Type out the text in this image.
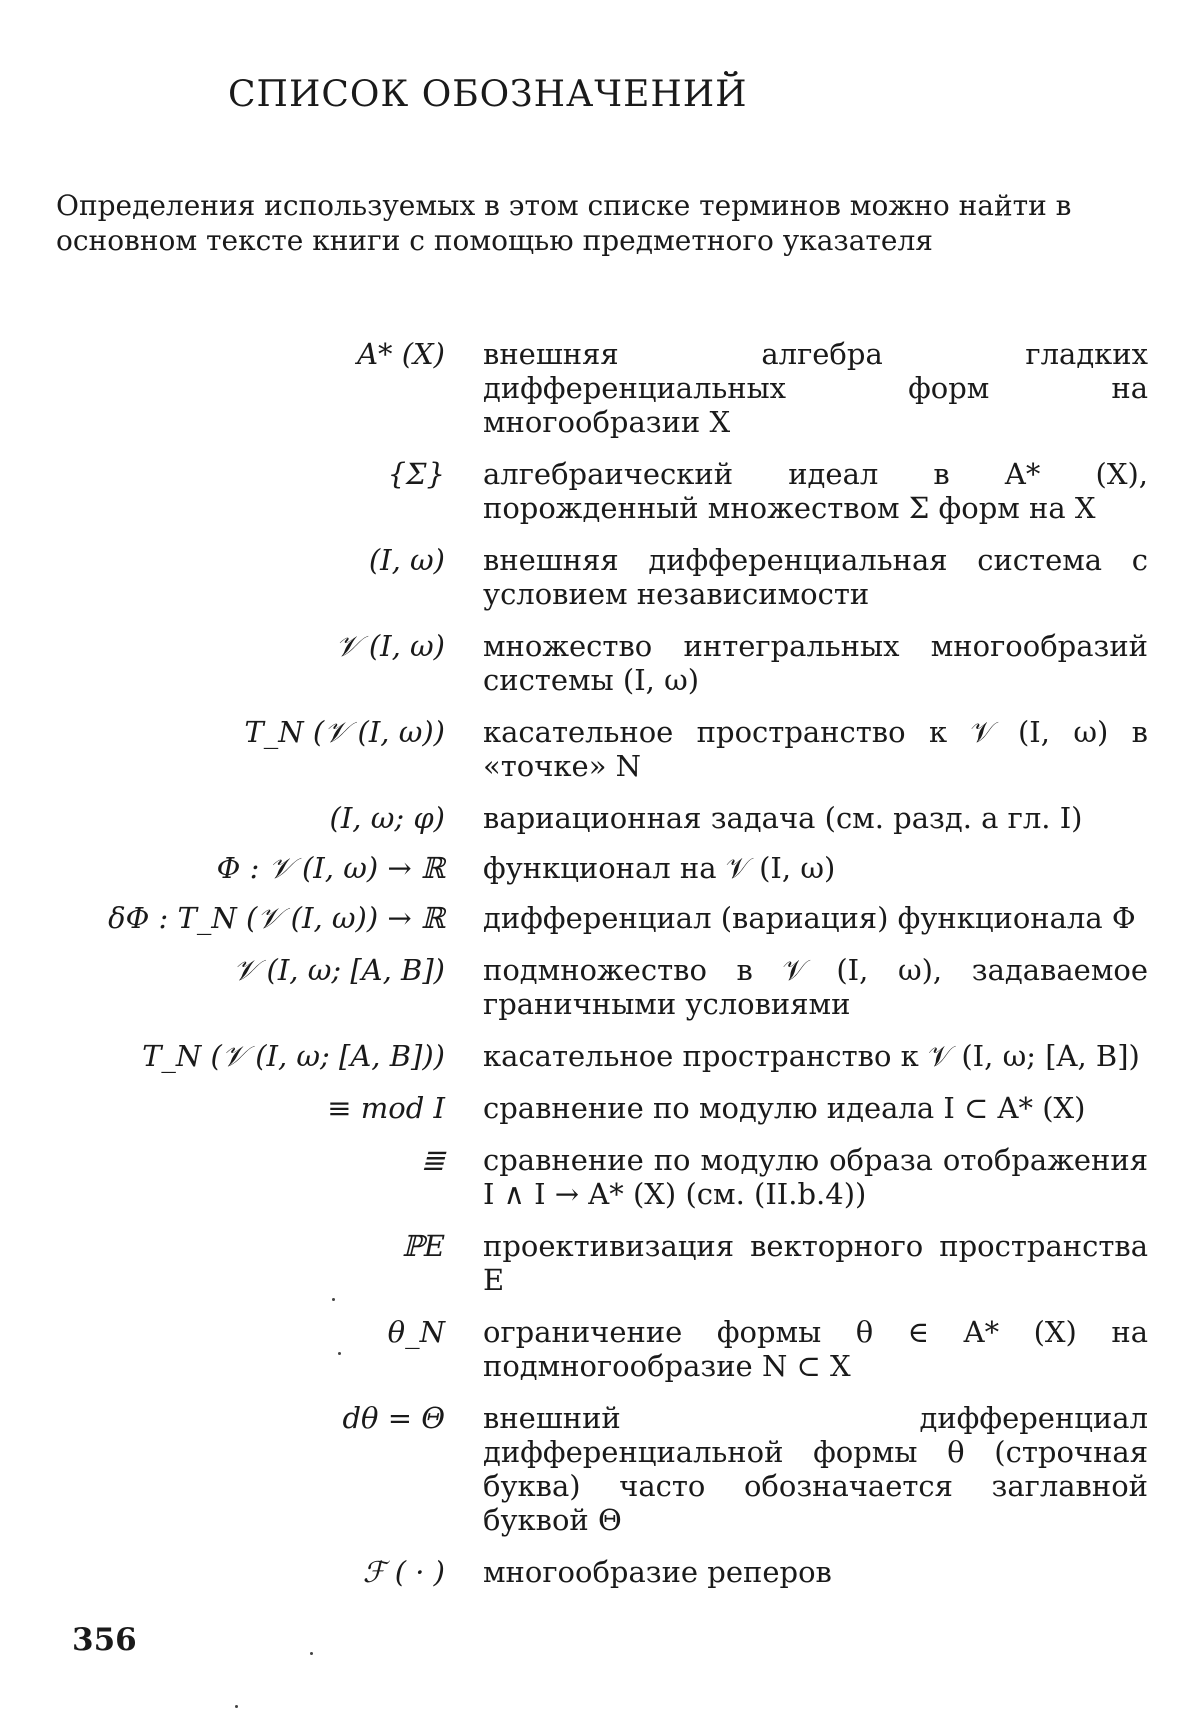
СПИСОК ОБОЗНАЧЕНИЙ
Определения используемых в этом списке терминов можно найти в основном тексте книги с помощью предметного указателя
A* (X) внешняя алгебра гладких дифференциальных форм на многообразии X
{Σ} алгебраический идеал в A* (X), порожденный множеством Σ форм на X
(I, ω) внешняя дифференциальная система с условием независимости
𝒱 (I, ω) множество интегральных многообразий системы (I, ω)
T_N (𝒱 (I, ω)) касательное пространство к 𝒱 (I, ω) в «точке» N
(I, ω; φ) вариационная задача (см. разд. a гл. I)
Φ : 𝒱 (I, ω) → ℝ функционал на 𝒱 (I, ω)
δΦ : T_N (𝒱 (I, ω)) → ℝ дифференциал (вариация) функционала Φ
𝒱 (I, ω; [A, B]) подмножество в 𝒱 (I, ω), задаваемое граничными условиями
T_N (𝒱 (I, ω; [A, B])) касательное пространство к 𝒱 (I, ω; [A, B])
≡ mod I сравнение по модулю идеала I ⊂ A* (X)
≣ сравнение по модулю образа отображения I ∧ I → A* (X) (см. (II.b.4))
ℙE проективизация векторного пространства E
θ_N ограничение формы θ ∈ A* (X) на подмногообразие N ⊂ X
dθ = Θ внешний дифференциал дифференциальной формы θ (строчная буква) часто обозначается заглавной буквой Θ
ℱ ( · ) многообразие реперов
356
